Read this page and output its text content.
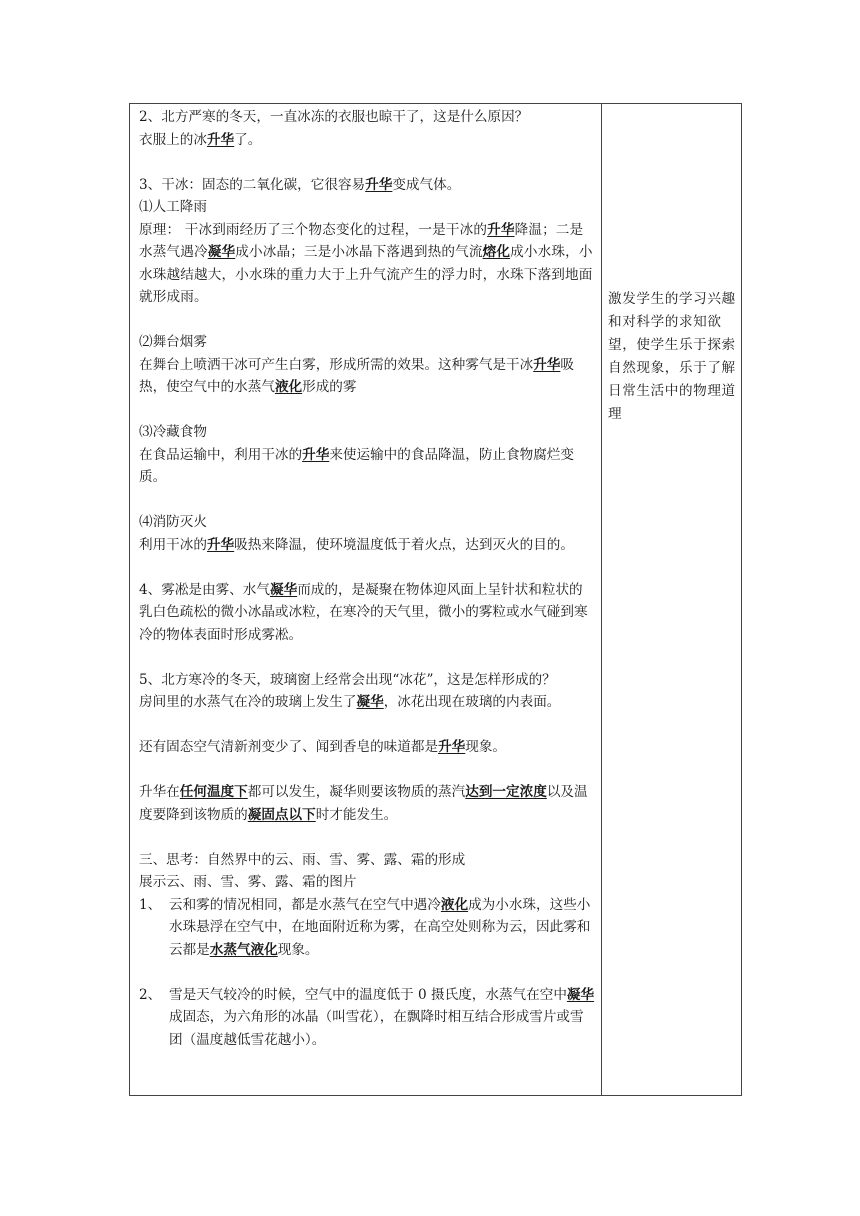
2、北方严寒的冬天，一直冰冻的衣服也晾干了，这是什么原因？

衣服上的冰升华了。

3、干冰：固态的二氧化碳，它很容易升华变成气体。

⑴人工降雨

原理： 干冰到雨经历了三个物态变化的过程，一是干冰的升华降温；二是水蒸气遇冷凝华成小冰晶；三是小冰晶下落遇到热的气流熔化成小水珠，小水珠越结越大，小水珠的重力大于上升气流产生的浮力时，水珠下落到地面就形成雨。

⑵舞台烟雾

在舞台上喷洒干冰可产生白雾，形成所需的效果。这种雾气是干冰升华吸热，使空气中的水蒸气液化形成的雾

⑶冷藏食物

在食品运输中，利用干冰的升华来使运输中的食品降温，防止食物腐烂变质。

⑷消防灭火

利用干冰的升华吸热来降温，使环境温度低于着火点，达到灭火的目的。

4、雾凇是由雾、水气凝华而成的，是凝聚在物体迎风面上呈针状和粒状的乳白色疏松的微小冰晶或冰粒，在寒冷的天气里，微小的雾粒或水气碰到寒冷的物体表面时形成雾凇。

5、北方寒冷的冬天，玻璃窗上经常会出现“冰花”，这是怎样形成的？

房间里的水蒸气在冷的玻璃上发生了凝华，冰花出现在玻璃的内表面。

还有固态空气清新剂变少了、闻到香皂的味道都是升华现象。

升华在任何温度下都可以发生，凝华则要该物质的蒸汽达到一定浓度以及温度要降到该物质的凝固点以下时才能发生。

三、思考：自然界中的云、雨、雪、雾、露、霜的形成

展示云、雨、雪、雾、露、霜的图片

1、 云和雾的情况相同，都是水蒸气在空气中遇冷液化成为小水珠，这些小水珠悬浮在空气中，在地面附近称为雾，在高空处则称为云，因此雾和云都是水蒸气液化现象。
2、 雪是天气较冷的时候，空气中的温度低于 0 摄氏度，水蒸气在空中凝华成固态，为六角形的冰晶（叫雪花），在飘降时相互结合形成雪片或雪团（温度越低雪花越小）。
激发学生的学习兴趣和对科学的求知欲望，使学生乐于探索自然现象，乐于了解日常生活中的物理道理
